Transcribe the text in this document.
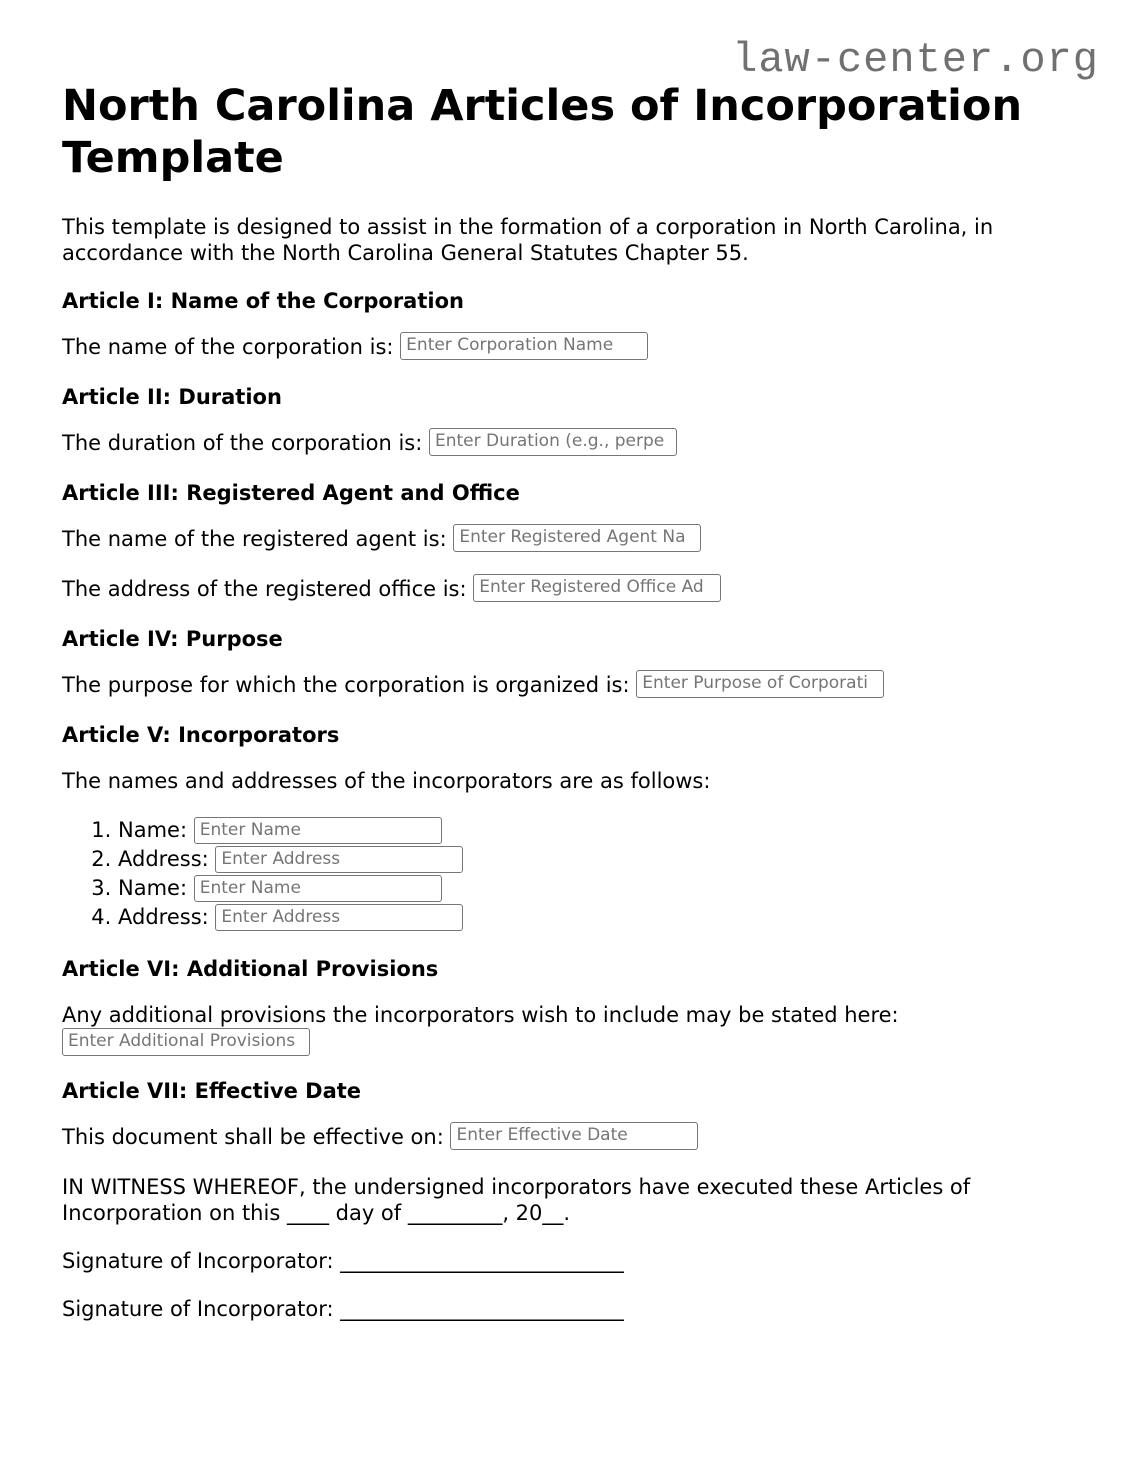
law-center.org
North Carolina Articles of Incorporation Template

This template is designed to assist in the formation of a corporation in North Carolina, in accordance with the North Carolina General Statutes Chapter 55.

Article I: Name of the Corporation

The name of the corporation is: Enter Corporation Name

Article II: Duration

The duration of the corporation is: Enter Duration (e.g., perpe

Article III: Registered Agent and Office

The name of the registered agent is: Enter Registered Agent Na

The address of the registered office is: Enter Registered Office Ad

Article IV: Purpose

The purpose for which the corporation is organized is: Enter Purpose of Corporati

Article V: Incorporators

The names and addresses of the incorporators are as follows:

1. Name: Enter Name
2. Address: Enter Address
3. Name: Enter Name
4. Address: Enter Address
Article VI: Additional Provisions

Any additional provisions the incorporators wish to include may be stated here:

Enter Additional Provisions
Article VII: Effective Date

This document shall be effective on: Enter Effective Date

IN WITNESS WHEREOF, the undersigned incorporators have executed these Articles of Incorporation on this ____ day of _________, 20__.

Signature of Incorporator: ___________________________

Signature of Incorporator: ___________________________
